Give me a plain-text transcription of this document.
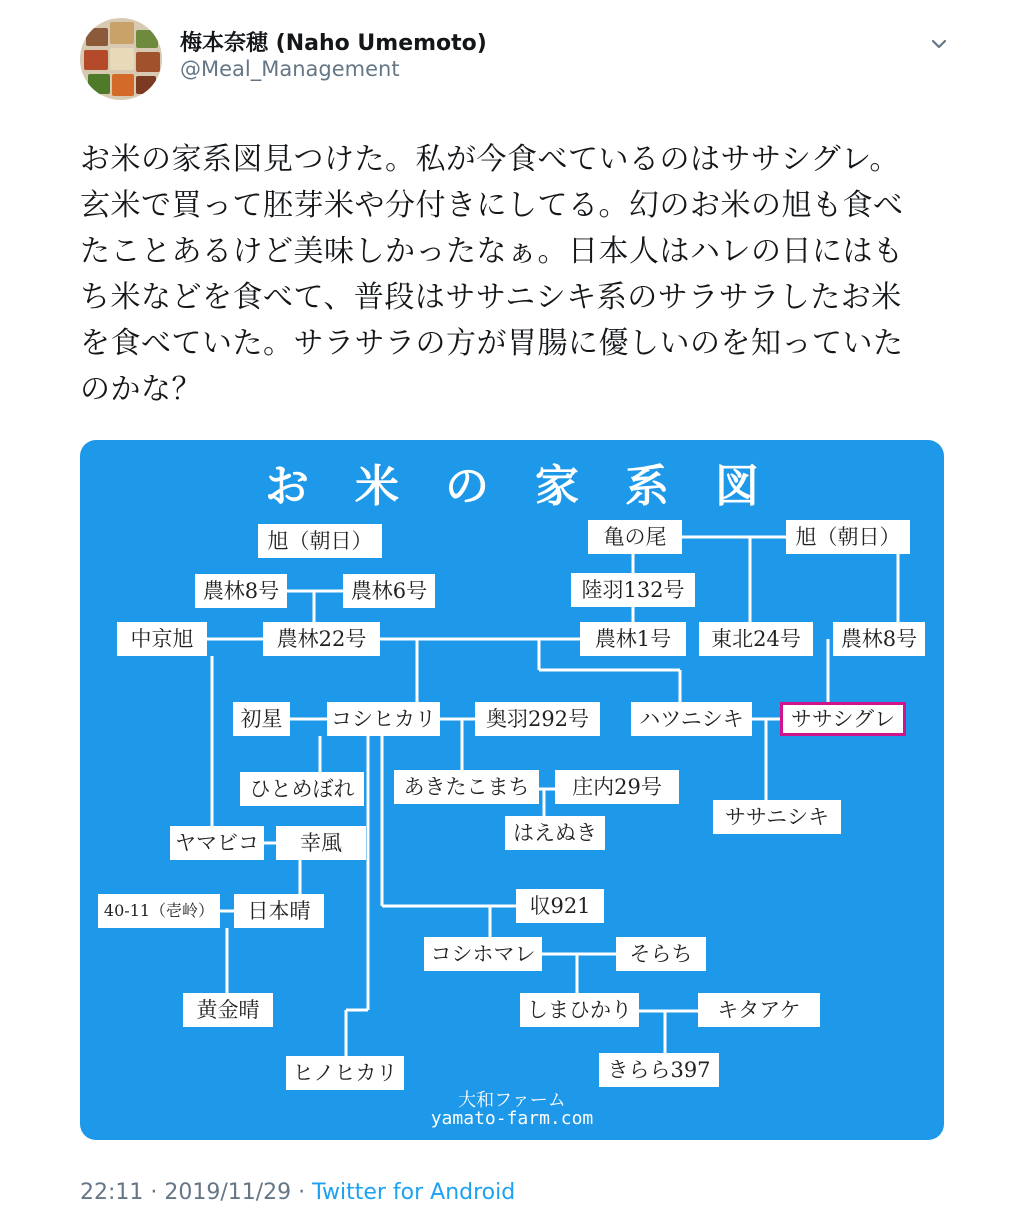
梅本奈穂 (Naho Umemoto)
@Meal_Management
お米の家系図見つけた。私が今食べているのはササシグレ。
玄米で買って胚芽米や分付きにしてる。幻のお米の旭も食べ
たことあるけど美味しかったなぁ。日本人はハレの日にはも
ち米などを食べて、普段はササニシキ系のサラサラしたお米
を食べていた。サラサラの方が胃腸に優しいのを知っていた
のかな？
お米の家系図
旭（朝日）
農林8号	農林6号
中京旭	農林22号
亀の尾
陸羽132号
農林1号
旭（朝日）
東北24号	農林8号
初星	コシヒカリ	奥羽292号	ハツニシキ	ササシグレ
ひとめぼれ	あきたこまち	庄内29号
ササニシキ
はえぬき
ヤマビコ	幸風
40-11（壱岭）	日本晴	収921
コシホマレ	そらち
黄金晴	しまひかり	キタアケ
ヒノヒカリ	きらら397
大和ファーム
yamato-farm.com
22:11 · 2019/11/29 · Twitter for Android
